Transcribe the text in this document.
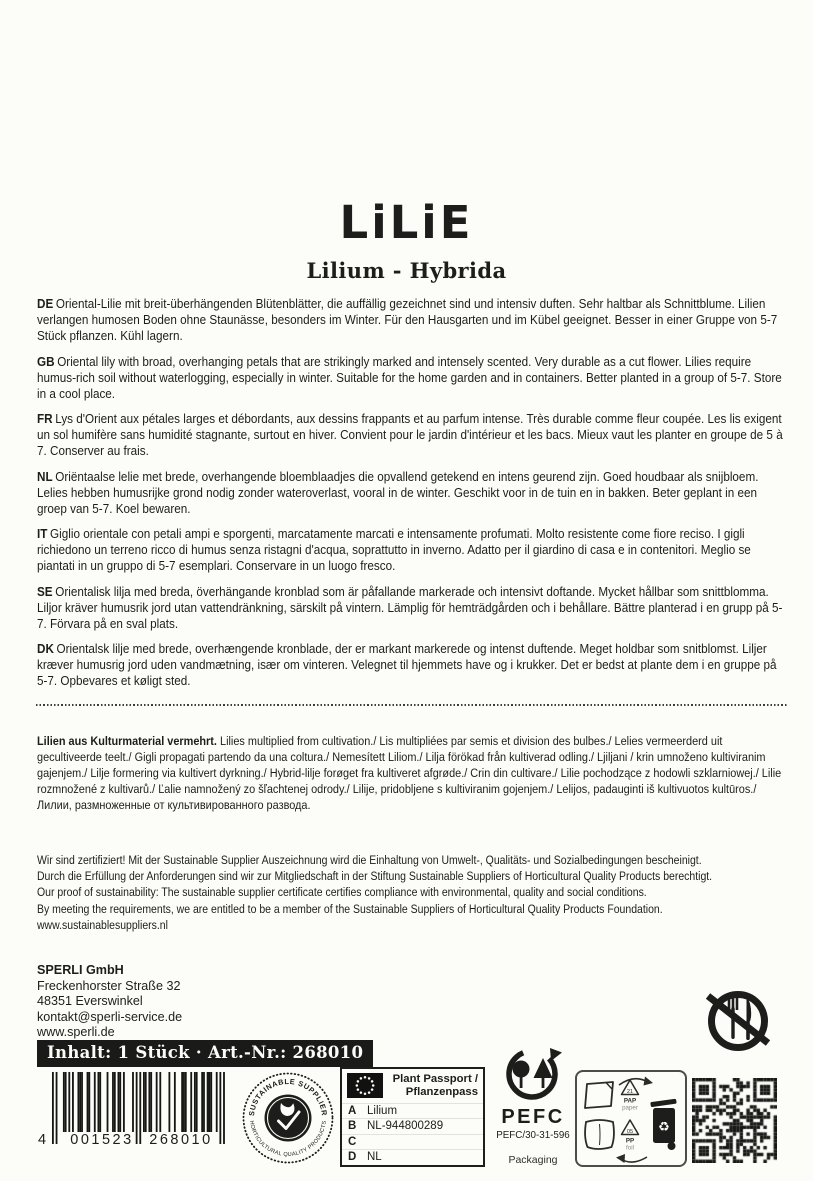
LiLiE
Lilium - Hybrida

DE Oriental-Lilie mit breit-überhängenden Blütenblätter, die auffällig gezeichnet sind und intensiv duften. Sehr haltbar als Schnittblume. Lilien verlangen humosen Boden ohne Staunässe, besonders im Winter. Für den Hausgarten und im Kübel geeignet. Besser in einer Gruppe von 5-7 Stück pflanzen. Kühl lagern.

GB Oriental lily with broad, overhanging petals that are strikingly marked and intensely scented. Very durable as a cut flower. Lilies require humus-rich soil without waterlogging, especially in winter. Suitable for the home garden and in containers. Better planted in a group of 5-7. Store in a cool place.

FR Lys d'Orient aux pétales larges et débordants, aux dessins frappants et au parfum intense. Très durable comme fleur coupée. Les lis exigent un sol humifère sans humidité stagnante, surtout en hiver. Convient pour le jardin d'intérieur et les bacs. Mieux vaut les planter en groupe de 5 à 7. Conserver au frais.

NL Oriëntaalse lelie met brede, overhangende bloemblaadjes die opvallend getekend en intens geurend zijn. Goed houdbaar als snijbloem. Lelies hebben humusrijke grond nodig zonder wateroverlast, vooral in de winter. Geschikt voor in de tuin en in bakken. Beter geplant in een groep van 5-7. Koel bewaren.

IT Giglio orientale con petali ampi e sporgenti, marcatamente marcati e intensamente profumati. Molto resistente come fiore reciso. I gigli richiedono un terreno ricco di humus senza ristagni d'acqua, soprattutto in inverno. Adatto per il giardino di casa e in contenitori. Meglio se piantati in un gruppo di 5-7 esemplari. Conservare in un luogo fresco.

SE Orientalisk lilja med breda, överhängande kronblad som är påfallande markerade och intensivt doftande. Mycket hållbar som snittblomma. Liljor kräver humusrik jord utan vattendränkning, särskilt på vintern. Lämplig för hemträdgården och i behållare. Bättre planterad i en grupp på 5-7. Förvara på en sval plats.

DK Orientalsk lilje med brede, overhængende kronblade, der er markant markerede og intenst duftende. Meget holdbar som snitblomst. Liljer kræver humusrig jord uden vandmætning, især om vinteren. Velegnet til hjemmets have og i krukker. Det er bedst at plante dem i en gruppe på 5-7. Opbevares et køligt sted.

Lilien aus Kulturmaterial vermehrt. Lilies multiplied from cultivation./ Lis multipliées par semis et division des bulbes./ Lelies vermeerderd uit gecultiveerde teelt./ Gigli propagati partendo da una coltura./ Nemesített Liliom./ Lilja förökad från kultiverad odling./ Ljiljani / krin umnoženo kultiviranim gajenjem./ Lilje formering via kultivert dyrkning./ Hybrid-lilje forøget fra kultiveret afgrøde./ Crin din cultivare./ Lilie pochodzące z hodowli szklarniowej./ Lilie rozmnožené z kultivarů./ Ľalie namnožený zo šľachtenej odrody./ Lilije, pridobljene s kultiviranim gojenjem./ Lelijos, padauginti iš kultivuotos kultūros./ Лилии, размноженные от культивированного развода.

Wir sind zertifiziert! Mit der Sustainable Supplier Auszeichnung wird die Einhaltung von Umwelt-, Qualitäts- und Sozialbedingungen bescheinigt.
Durch die Erfüllung der Anforderungen sind wir zur Mitgliedschaft in der Stiftung Sustainable Suppliers of Horticultural Quality Products berechtigt.
Our proof of sustainability: The sustainable supplier certificate certifies compliance with environmental, quality and social conditions.
By meeting the requirements, we are entitled to be a member of the Sustainable Suppliers of Horticultural Quality Products Foundation.
www.sustainablesuppliers.nl
SPERLI GmbH
Freckenhorster Straße 32
48351 Everswinkel
kontakt@sperli-service.de
www.sperli.de
Inhalt: 1 Stück · Art.-Nr.: 268010
4	001523	268010
SUSTAINABLE SUPPLIER
HORTICULTURAL QUALITY PRODUCTS
Plant Passport / Pflanzenpass
A Lilium
B NL-944800289
C
D NL
PEFC
PEFC/30-31-596
Packaging
21
PAP
paper
05
PP
foil
♻
